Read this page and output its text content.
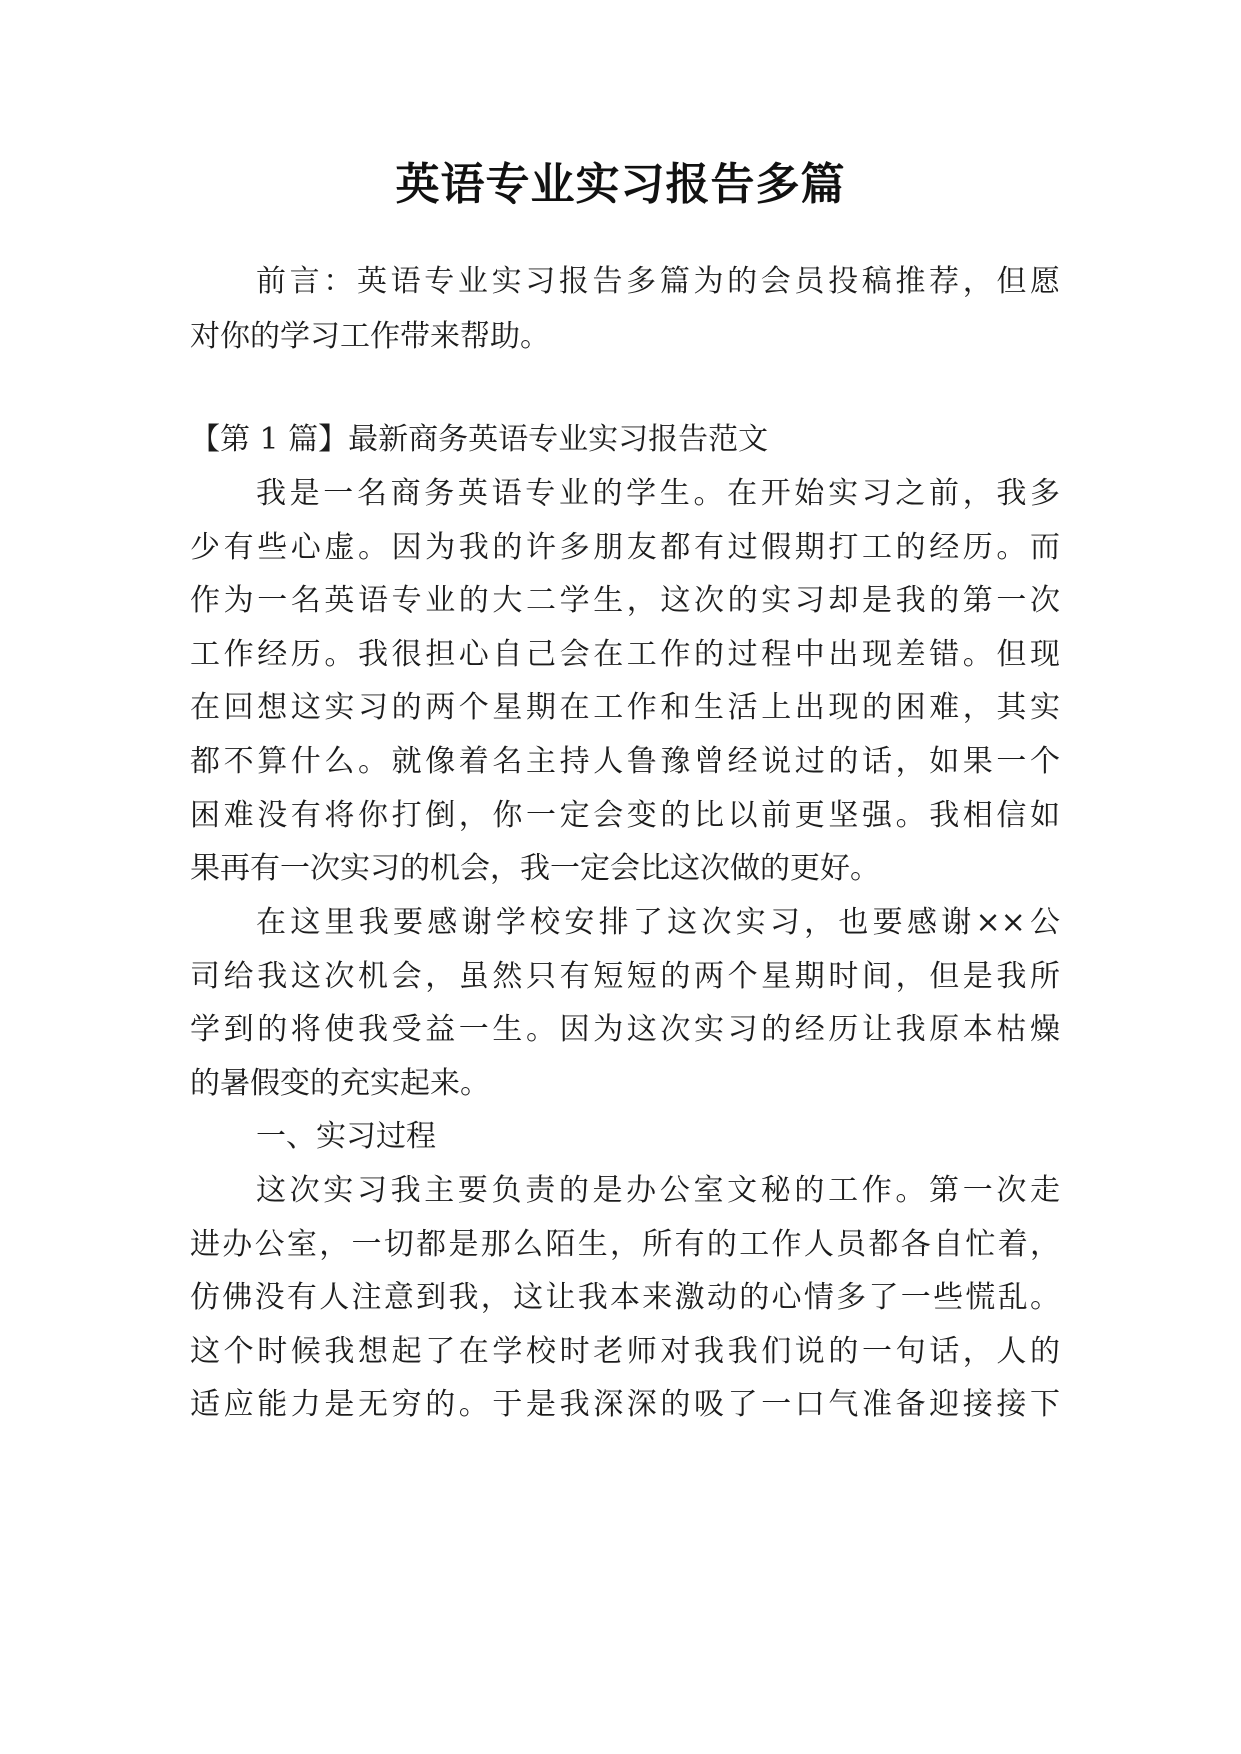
英语专业实习报告多篇
前言：英语专业实习报告多篇为的会员投稿推荐，但愿
对你的学习工作带来帮助。
【第 1 篇】最新商务英语专业实习报告范文
我是一名商务英语专业的学生。在开始实习之前，我多
少有些心虚。因为我的许多朋友都有过假期打工的经历。而
作为一名英语专业的大二学生，这次的实习却是我的第一次
工作经历。我很担心自己会在工作的过程中出现差错。但现
在回想这实习的两个星期在工作和生活上出现的困难，其实
都不算什么。就像着名主持人鲁豫曾经说过的话，如果一个
困难没有将你打倒，你一定会变的比以前更坚强。我相信如
果再有一次实习的机会，我一定会比这次做的更好。
在这里我要感谢学校安排了这次实习，也要感谢××公
司给我这次机会，虽然只有短短的两个星期时间，但是我所
学到的将使我受益一生。因为这次实习的经历让我原本枯燥
的暑假变的充实起来。
一、实习过程
这次实习我主要负责的是办公室文秘的工作。第一次走
进办公室，一切都是那么陌生，所有的工作人员都各自忙着，
仿佛没有人注意到我，这让我本来激动的心情多了一些慌乱。
这个时候我想起了在学校时老师对我我们说的一句话，人的
适应能力是无穷的。于是我深深的吸了一口气准备迎接接下
